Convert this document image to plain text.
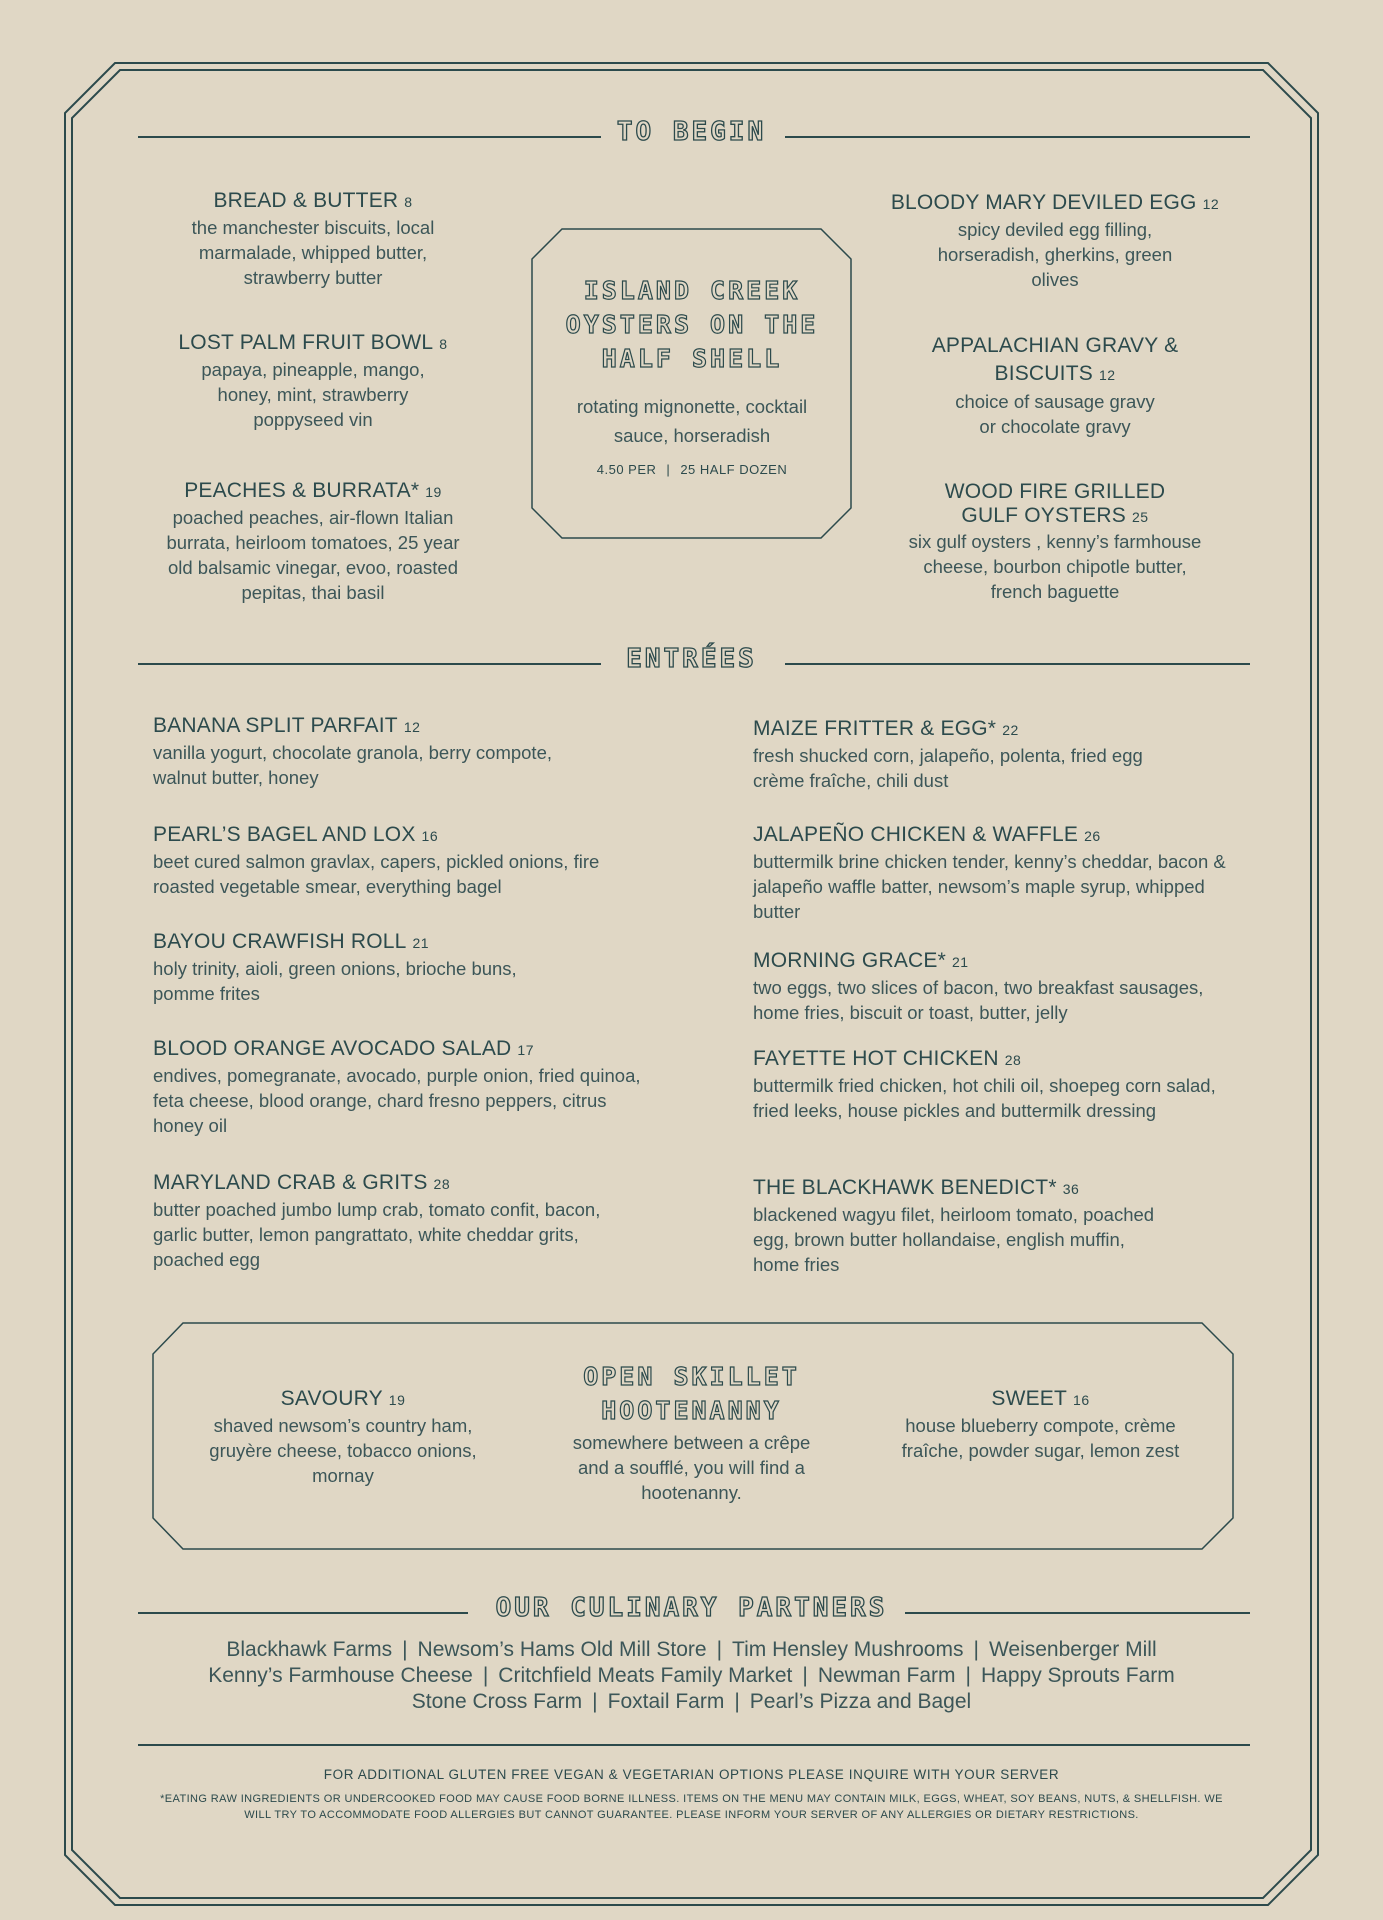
TO BEGIN
BREAD & BUTTER 8
the manchester biscuits, local marmalade, whipped butter, strawberry butter
LOST PALM FRUIT BOWL 8
papaya, pineapple, mango, honey, mint, strawberry poppyseed vin
PEACHES & BURRATA* 19
poached peaches, air-flown Italian burrata, heirloom tomatoes, 25 year old balsamic vinegar, evoo, roasted pepitas, thai basil
ISLAND CREEK OYSTERS ON THE HALF SHELL
rotating mignonette, cocktail sauce, horseradish
4.50 PER | 25 HALF DOZEN
BLOODY MARY DEVILED EGG 12
spicy deviled egg filling, horseradish, gherkins, green olives
APPALACHIAN GRAVY & BISCUITS 12
choice of sausage gravy or chocolate gravy
WOOD FIRE GRILLED GULF OYSTERS 25
six gulf oysters , kenny’s farmhouse cheese, bourbon chipotle butter, french baguette
ENTRÉES
BANANA SPLIT PARFAIT 12
vanilla yogurt, chocolate granola, berry compote, walnut butter, honey
PEARL’S BAGEL AND LOX 16
beet cured salmon gravlax, capers, pickled onions, fire roasted vegetable smear, everything bagel
BAYOU CRAWFISH ROLL 21
holy trinity, aioli, green onions, brioche buns, pomme frites
BLOOD ORANGE AVOCADO SALAD 17
endives, pomegranate, avocado, purple onion, fried quinoa, feta cheese, blood orange, chard fresno peppers, citrus honey oil
MARYLAND CRAB & GRITS 28
butter poached jumbo lump crab, tomato confit, bacon, garlic butter, lemon pangrattato, white cheddar grits, poached egg
MAIZE FRITTER & EGG* 22
fresh shucked corn, jalapeño, polenta, fried egg crème fraîche, chili dust
JALAPEÑO CHICKEN & WAFFLE 26
buttermilk brine chicken tender, kenny’s cheddar, bacon & jalapeño waffle batter, newsom’s maple syrup, whipped butter
MORNING GRACE* 21
two eggs, two slices of bacon, two breakfast sausages, home fries, biscuit or toast, butter, jelly
FAYETTE HOT CHICKEN 28
buttermilk fried chicken, hot chili oil, shoepeg corn salad, fried leeks, house pickles and buttermilk dressing
THE BLACKHAWK BENEDICT* 36
blackened wagyu filet, heirloom tomato, poached egg, brown butter hollandaise, english muffin, home fries
SAVOURY 19
shaved newsom’s country ham, gruyère cheese, tobacco onions, mornay
OPEN SKILLET HOOTENANNY
somewhere between a crêpe and a soufflé, you will find a hootenanny.
SWEET 16
house blueberry compote, crème fraîche, powder sugar, lemon zest
OUR CULINARY PARTNERS
Blackhawk Farms | Newsom’s Hams Old Mill Store | Tim Hensley Mushrooms | Weisenberger Mill
Kenny’s Farmhouse Cheese | Critchfield Meats Family Market | Newman Farm | Happy Sprouts Farm
Stone Cross Farm | Foxtail Farm | Pearl’s Pizza and Bagel
FOR ADDITIONAL GLUTEN FREE VEGAN & VEGETARIAN OPTIONS PLEASE INQUIRE WITH YOUR SERVER
*EATING RAW INGREDIENTS OR UNDERCOOKED FOOD MAY CAUSE FOOD BORNE ILLNESS. ITEMS ON THE MENU MAY CONTAIN MILK, EGGS, WHEAT, SOY BEANS, NUTS, & SHELLFISH. WE WILL TRY TO ACCOMMODATE FOOD ALLERGIES BUT CANNOT GUARANTEE. PLEASE INFORM YOUR SERVER OF ANY ALLERGIES OR DIETARY RESTRICTIONS.
